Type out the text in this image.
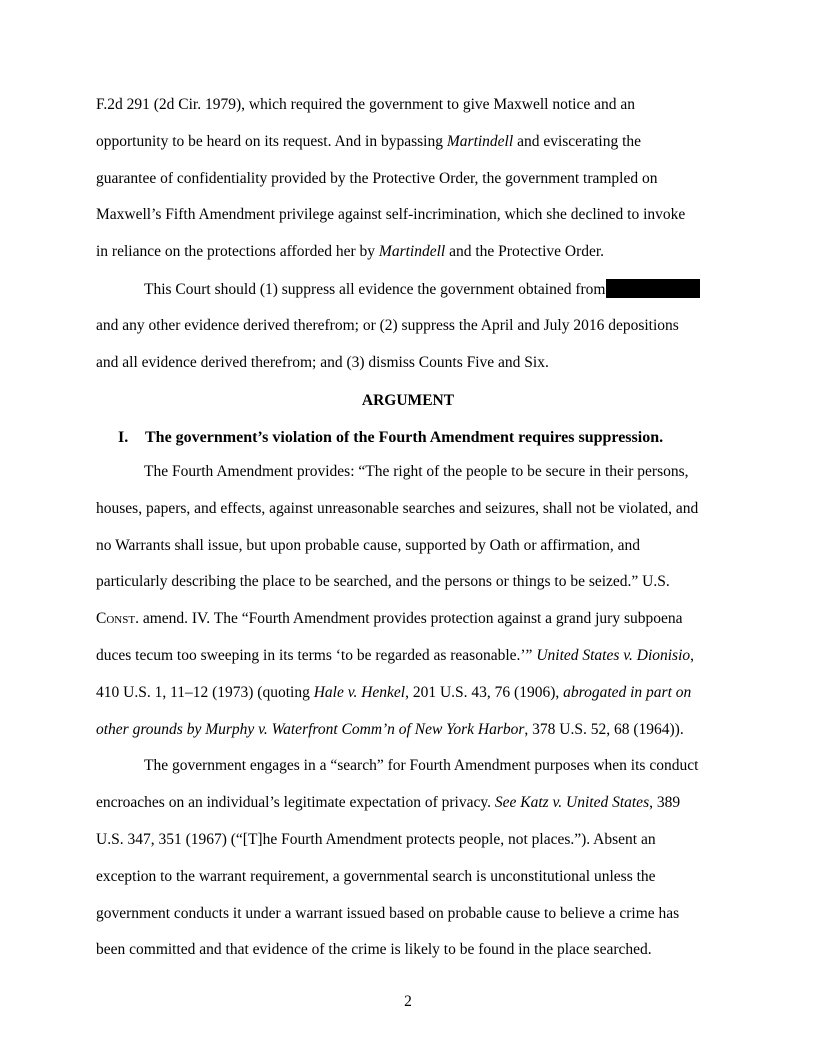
F.2d 291 (2d Cir. 1979), which required the government to give Maxwell notice and an
opportunity to be heard on its request. And in bypassing Martindell and eviscerating the
guarantee of confidentiality provided by the Protective Order, the government trampled on
Maxwell’s Fifth Amendment privilege against self-incrimination, which she declined to invoke
in reliance on the protections afforded her by Martindell and the Protective Order.
This Court should (1) suppress all evidence the government obtained from
and any other evidence derived therefrom; or (2) suppress the April and July 2016 depositions
and all evidence derived therefrom; and (3) dismiss Counts Five and Six.
ARGUMENT
I. The government’s violation of the Fourth Amendment requires suppression.
The Fourth Amendment provides: “The right of the people to be secure in their persons,
houses, papers, and effects, against unreasonable searches and seizures, shall not be violated, and
no Warrants shall issue, but upon probable cause, supported by Oath or affirmation, and
particularly describing the place to be searched, and the persons or things to be seized.” U.S.
Const. amend. IV. The “Fourth Amendment provides protection against a grand jury subpoena
duces tecum too sweeping in its terms ‘to be regarded as reasonable.’” United States v. Dionisio,
410 U.S. 1, 11–12 (1973) (quoting Hale v. Henkel, 201 U.S. 43, 76 (1906), abrogated in part on
other grounds by Murphy v. Waterfront Comm’n of New York Harbor, 378 U.S. 52, 68 (1964)).
The government engages in a “search” for Fourth Amendment purposes when its conduct
encroaches on an individual’s legitimate expectation of privacy. See Katz v. United States, 389
U.S. 347, 351 (1967) (“[T]he Fourth Amendment protects people, not places.”). Absent an
exception to the warrant requirement, a governmental search is unconstitutional unless the
government conducts it under a warrant issued based on probable cause to believe a crime has
been committed and that evidence of the crime is likely to be found in the place searched.
2
